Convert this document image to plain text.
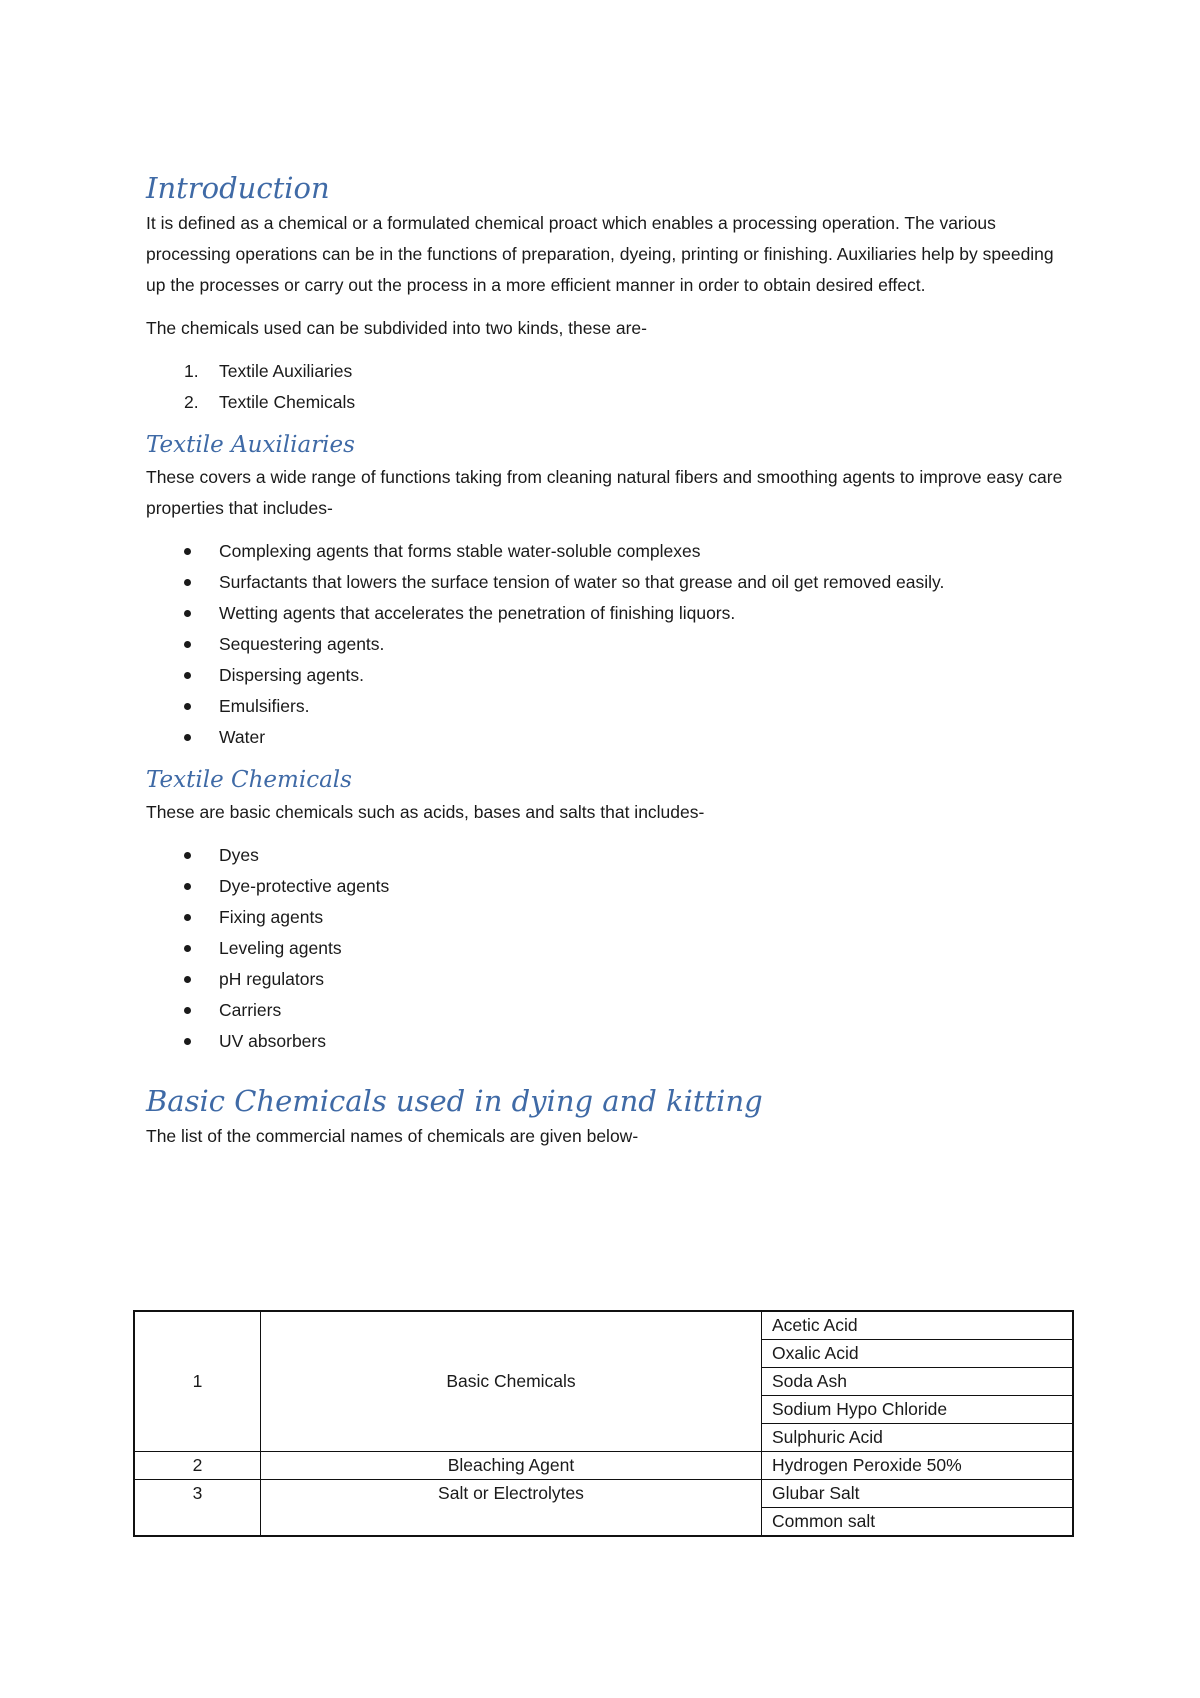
Introduction

It is defined as a chemical or a formulated chemical proact which enables a processing operation. The various processing operations can be in the functions of preparation, dyeing, printing or finishing. Auxiliaries help by speeding up the processes or carry out the process in a more efficient manner in order to obtain desired effect.

The chemicals used can be subdivided into two kinds, these are-

1. Textile Auxiliaries
2. Textile Chemicals
Textile Auxiliaries

These covers a wide range of functions taking from cleaning natural fibers and smoothing agents to improve easy care properties that includes-

Complexing agents that forms stable water-soluble complexes
Surfactants that lowers the surface tension of water so that grease and oil get removed easily.
Wetting agents that accelerates the penetration of finishing liquors.
Sequestering agents.
Dispersing agents.
Emulsifiers.
Water
Textile Chemicals

These are basic chemicals such as acids, bases and salts that includes-

Dyes
Dye-protective agents
Fixing agents
Leveling agents
pH regulators
Carriers
UV absorbers
Basic Chemicals used in dying and kitting

The list of the commercial names of chemicals are given below-

1	Basic Chemicals	Acetic Acid
		Oxalic Acid
		Soda Ash
		Sodium Hypo Chloride
		Sulphuric Acid
2	Bleaching Agent	Hydrogen Peroxide 50%
3	Salt or Electrolytes	Glubar Salt
		Common salt
